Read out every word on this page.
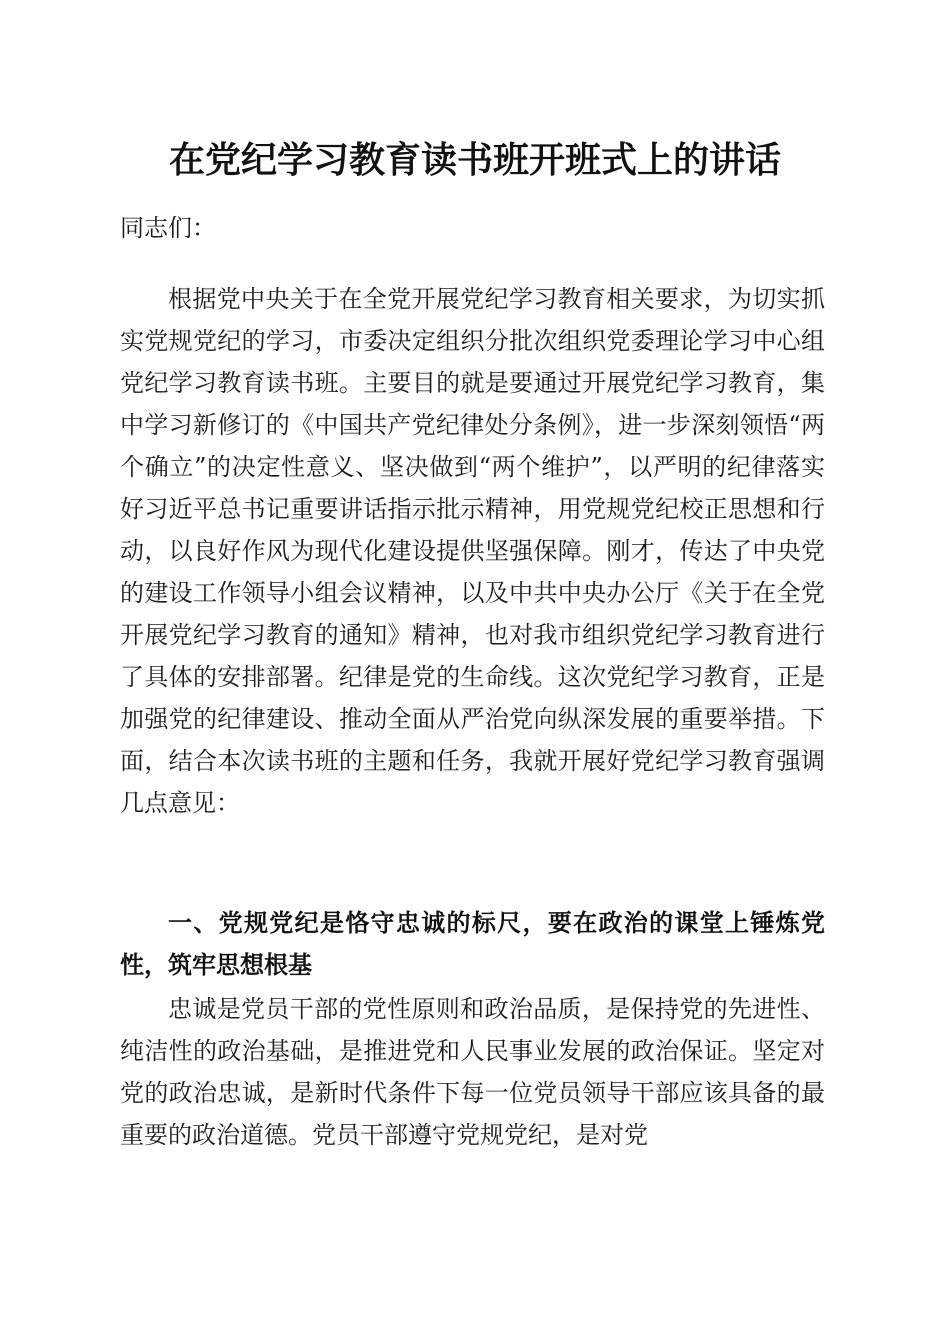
在党纪学习教育读书班开班式上的讲话
同志们：

根据党中央关于在全党开展党纪学习教育相关要求，为切实抓实党规党纪的学习，市委决定组织分批次组织党委理论学习中心组党纪学习教育读书班。主要目的就是要通过开展党纪学习教育，集中学习新修订的《中国共产党纪律处分条例》，进一步深刻领悟“两个确立”的决定性意义、坚决做到“两个维护”，以严明的纪律落实好习近平总书记重要讲话指示批示精神，用党规党纪校正思想和行动，以良好作风为现代化建设提供坚强保障。刚才，传达了中央党的建设工作领导小组会议精神，以及中共中央办公厅《关于在全党开展党纪学习教育的通知》精神，也对我市组织党纪学习教育进行了具体的安排部署。纪律是党的生命线。这次党纪学习教育，正是加强党的纪律建设、推动全面从严治党向纵深发展的重要举措。下面，结合本次读书班的主题和任务，我就开展好党纪学习教育强调几点意见：

一、党规党纪是恪守忠诚的标尺，要在政治的课堂上锤炼党性，筑牢思想根基

忠诚是党员干部的党性原则和政治品质，是保持党的先进性、纯洁性的政治基础，是推进党和人民事业发展的政治保证。坚定对党的政治忠诚，是新时代条件下每一位党员领导干部应该具备的最重要的政治道德。党员干部遵守党规党纪，是对党
